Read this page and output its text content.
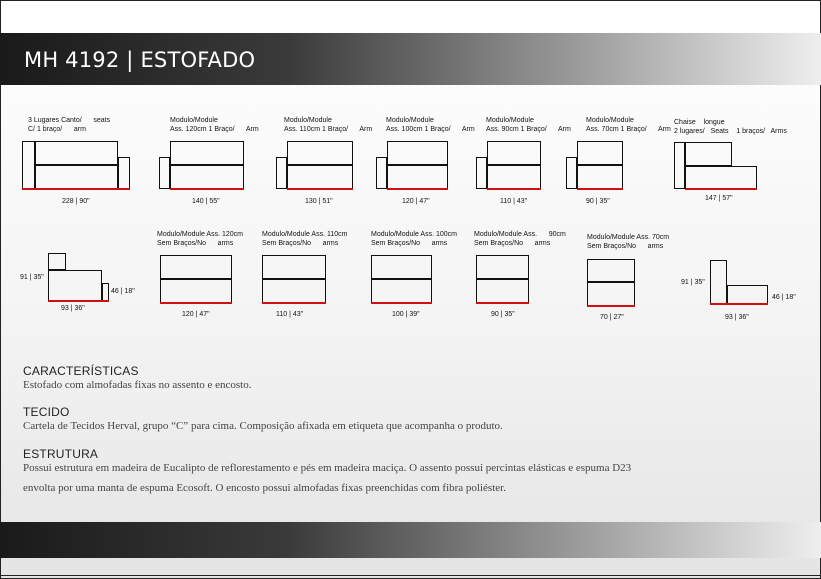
MH 4192 | ESTOFADO
3 Lugares Canto/      seats
C/ 1 braço/      arm
228 | 90"
Modulo/Module
Ass. 120cm 1 Braço/      Arm
140 | 55"
Modulo/Module
Ass. 110cm 1 Braço/      Arm
130 | 51"
Modulo/Module
Ass. 100cm 1 Braço/      Arm
120 | 47"
Modulo/Module
Ass. 90cm 1 Braço/      Arm
110 | 43"
Modulo/Module
Ass. 70cm 1 Braço/      Arm
90 | 35"
Chaise    longue
2 lugares/   Seats    1 braços/   Arms
147 | 57"
91 | 35"
46 | 18"
93 | 36"
Modulo/Module Ass. 120cm
Sem Braços/No      arms
120 | 47"
Modulo/Module Ass. 110cm
Sem Braços/No      arms
110 | 43"
Modulo/Module Ass. 100cm
Sem Braços/No      arms
100 | 39"
Modulo/Module Ass.      90cm
Sem Braços/No      arms
90 | 35"
Modulo/Module Ass. 70cm
Sem Braços/No      arms
70 | 27"
91 | 35"
46 | 18"
93 | 36"
CARACTERÍSTICAS
Estofado com almofadas fixas no assento e encosto.
TECIDO
Cartela de Tecidos Herval, grupo “C” para cima. Composição afixada em etiqueta que acompanha o produto.
ESTRUTURA
Possui estrutura em madeira de Eucalipto de reflorestamento e pés em madeira maciça. O assento possui percintas elásticas e espuma D23
envolta por uma manta de espuma Ecosoft. O encosto possui almofadas fixas preenchidas com fibra poliéster.
